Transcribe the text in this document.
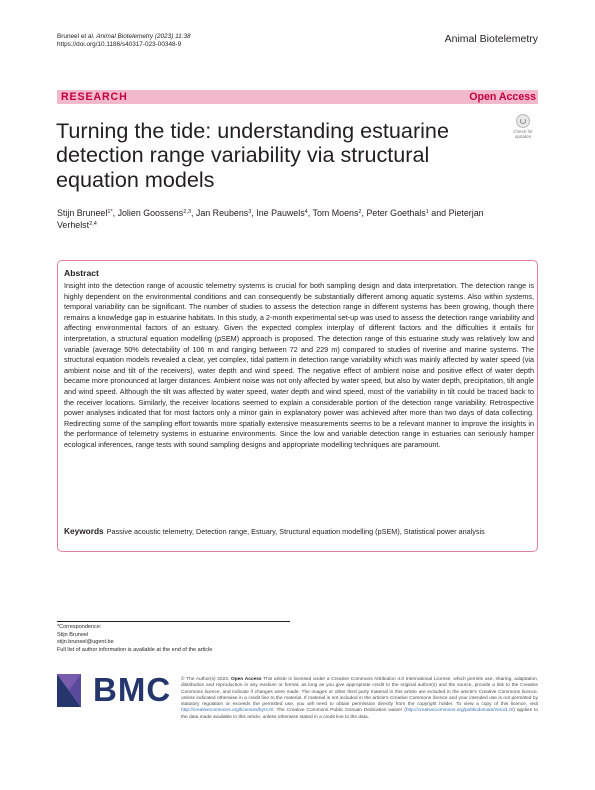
Bruneel et al. Animal Biotelemetry (2023) 11:38
https://doi.org/10.1186/s40317-023-00348-9	Animal Biotelemetry
RESEARCH	Open Access
Check for
updates
Turning the tide: understanding estuarine detection range variability via structural equation models
Stijn Bruneel$^{1*}$, Jolien Goossens$^{2,3}$, Jan Reubens$^3$, Ine Pauwels$^4$, Tom Moens$^2$, Peter Goethals$^1$ and Pieterjan Verhelst$^{2,4}$
Abstract

Insight into the detection range of acoustic telemetry systems is crucial for both sampling design and data interpretation. The detection range is highly dependent on the environmental conditions and can consequently be substantially different among aquatic systems. Also within systems, temporal variability can be significant. The number of studies to assess the detection range in different systems has been growing, though there remains a knowledge gap in estuarine habitats. In this study, a 2-month experimental set-up was used to assess the detection range variability and affecting environmental factors of an estuary. Given the expected complex interplay of different factors and the difficulties it entails for interpretation, a structural equation modelling (pSEM) approach is proposed. The detection range of this estuarine study was relatively low and variable (average 50% detectability of 106 m and ranging between 72 and 229 m) compared to studies of riverine and marine systems. The structural equation models revealed a clear, yet complex, tidal pattern in detection range variability which was mainly affected by water speed (via ambient noise and tilt of the receivers), water depth and wind speed. The negative effect of ambient noise and positive effect of water depth became more pronounced at larger distances. Ambient noise was not only affected by water speed, but also by water depth, precipitation, tilt angle and wind speed. Although the tilt was affected by water speed, water depth and wind speed, most of the variability in tilt could be traced back to the receiver locations. Similarly, the receiver locations seemed to explain a considerable portion of the detection range variability. Retrospective power analyses indicated that for most factors only a minor gain in explanatory power was achieved after more than two days of data collecting. Redirecting some of the sampling effort towards more spatially extensive measurements seems to be a relevant manner to improve the insights in the performance of telemetry systems in estuarine environments. Since the low and variable detection range in estuaries can seriously hamper ecological inferences, range tests with sound sampling designs and appropriate modelling techniques are paramount.

Keywords Passive acoustic telemetry, Detection range, Estuary, Structural equation modelling (pSEM), Statistical power analysis
*Correspondence:
Stijn Bruneel
stijn.bruneel@ugent.be
Full list of author information is available at the end of the article
BMC © The Author(s) 2023. Open Access This article is licensed under a Creative Commons Attribution 4.0 International License, which permits use, sharing, adaptation, distribution and reproduction in any medium or format, as long as you give appropriate credit to the original author(s) and the source, provide a link to the Creative Commons licence, and indicate if changes were made. The images or other third party material in this article are included in the article's Creative Commons licence, unless indicated otherwise in a credit line to the material. If material is not included in the article's Creative Commons licence and your intended use is not permitted by statutory regulation or exceeds the permitted use, you will need to obtain permission directly from the copyright holder. To view a copy of this licence, visit http://creativecommons.org/licenses/by/4.0/. The Creative Commons Public Domain Dedication waiver (http://creativecommons.org/publicdomain/zero/1.0/) applies to the data made available in this article, unless otherwise stated in a credit line to the data.
